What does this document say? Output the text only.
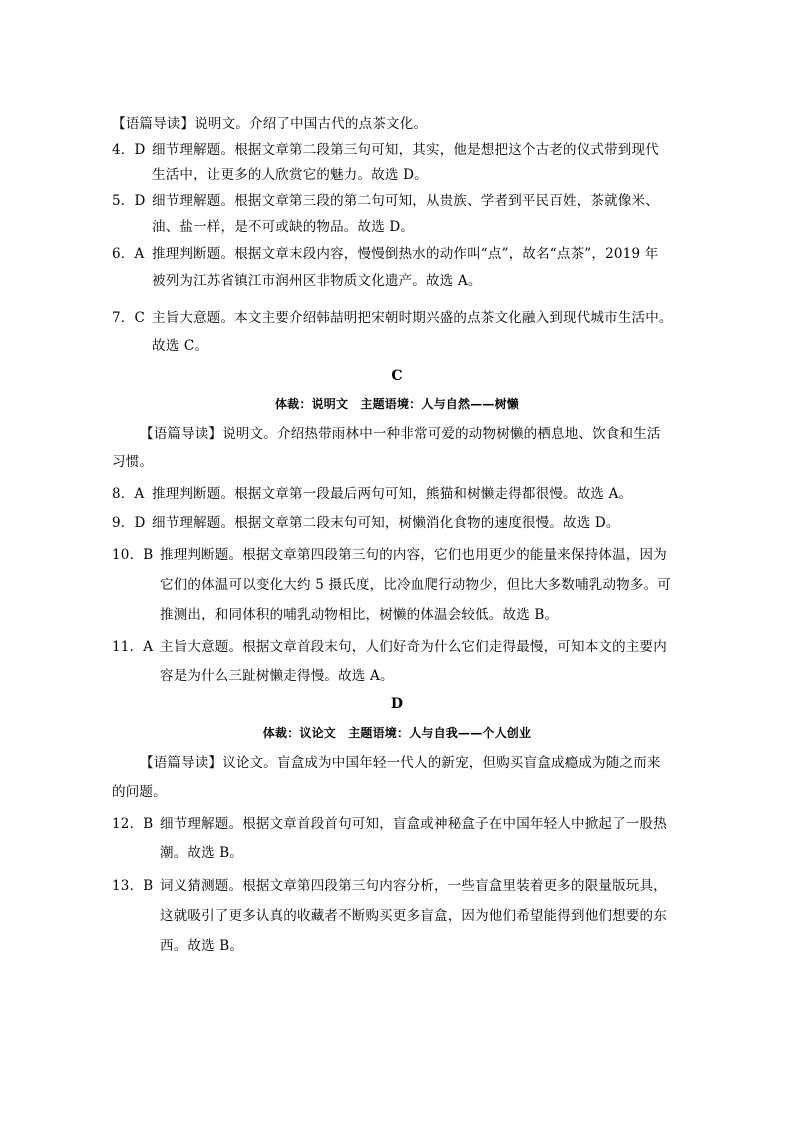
【语篇导读】说明文。介绍了中国古代的点茶文化。
4．D 细节理解题。根据文章第二段第三句可知，其实，他是想把这个古老的仪式带到现代
生活中，让更多的人欣赏它的魅力。故选 D。
5．D 细节理解题。根据文章第三段的第二句可知，从贵族、学者到平民百姓，茶就像米、
油、盐一样，是不可或缺的物品。故选 D。
6．A 推理判断题。根据文章末段内容，慢慢倒热水的动作叫“点”，故名“点茶”，2019 年
被列为江苏省镇江市润州区非物质文化遗产。故选 A。
7．C 主旨大意题。本文主要介绍韩喆明把宋朝时期兴盛的点茶文化融入到现代城市生活中。
故选 C。
C
体裁：说明文　主题语境：人与自然——树懒
【语篇导读】说明文。介绍热带雨林中一种非常可爱的动物树懒的栖息地、饮食和生活
习惯。
8．A 推理判断题。根据文章第一段最后两句可知，熊猫和树懒走得都很慢。故选 A。
9．D 细节理解题。根据文章第二段末句可知，树懒消化食物的速度很慢。故选 D。
10．B 推理判断题。根据文章第四段第三句的内容，它们也用更少的能量来保持体温，因为
它们的体温可以变化大约 5 摄氏度，比冷血爬行动物少，但比大多数哺乳动物多。可
推测出，和同体积的哺乳动物相比，树懒的体温会较低。故选 B。
11．A 主旨大意题。根据文章首段末句，人们好奇为什么它们走得最慢，可知本文的主要内
容是为什么三趾树懒走得慢。故选 A。
D
体裁：议论文　主题语境：人与自我——个人创业
【语篇导读】议论文。盲盒成为中国年轻一代人的新宠，但购买盲盒成瘾成为随之而来
的问题。
12．B 细节理解题。根据文章首段首句可知，盲盒或神秘盒子在中国年轻人中掀起了一股热
潮。故选 B。
13．B 词义猜测题。根据文章第四段第三句内容分析，一些盲盒里装着更多的限量版玩具，
这就吸引了更多认真的收藏者不断购买更多盲盒，因为他们希望能得到他们想要的东
西。故选 B。
